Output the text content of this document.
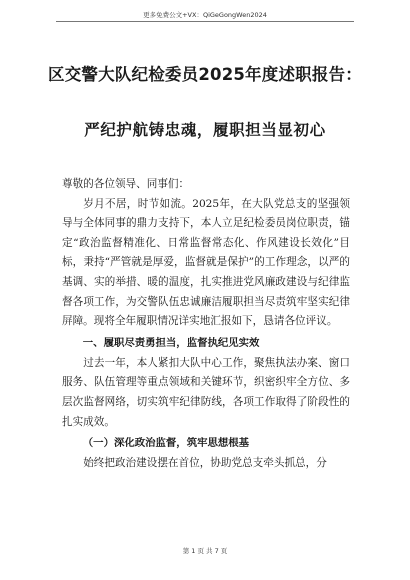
更多免费公文+VX：QiGeGongWen2024
区交警大队纪检委员2025年度述职报告：
严纪护航铸忠魂，履职担当显初心

尊敬的各位领导、同事们：

岁月不居，时节如流。2025年，在大队党总支的坚强领导与全体同事的鼎力支持下，本人立足纪检委员岗位职责，锚定“政治监督精准化、日常监督常态化、作风建设长效化”目标，秉持“严管就是厚爱，监督就是保护”的工作理念，以严的基调、实的举措、暖的温度，扎实推进党风廉政建设与纪律监督各项工作，为交警队伍忠诚廉洁履职担当尽责筑牢坚实纪律屏障。现将全年履职情况详实地汇报如下，恳请各位评议。

一、履职尽责勇担当，监督执纪见实效

过去一年，本人紧扣大队中心工作，聚焦执法办案、窗口服务、队伍管理等重点领域和关键环节，织密织牢全方位、多层次监督网络，切实筑牢纪律防线，各项工作取得了阶段性的扎实成效。

（一）深化政治监督，筑牢思想根基

始终把政治建设摆在首位，协助党总支牵头抓总，分

第 1 页 共 7 页
